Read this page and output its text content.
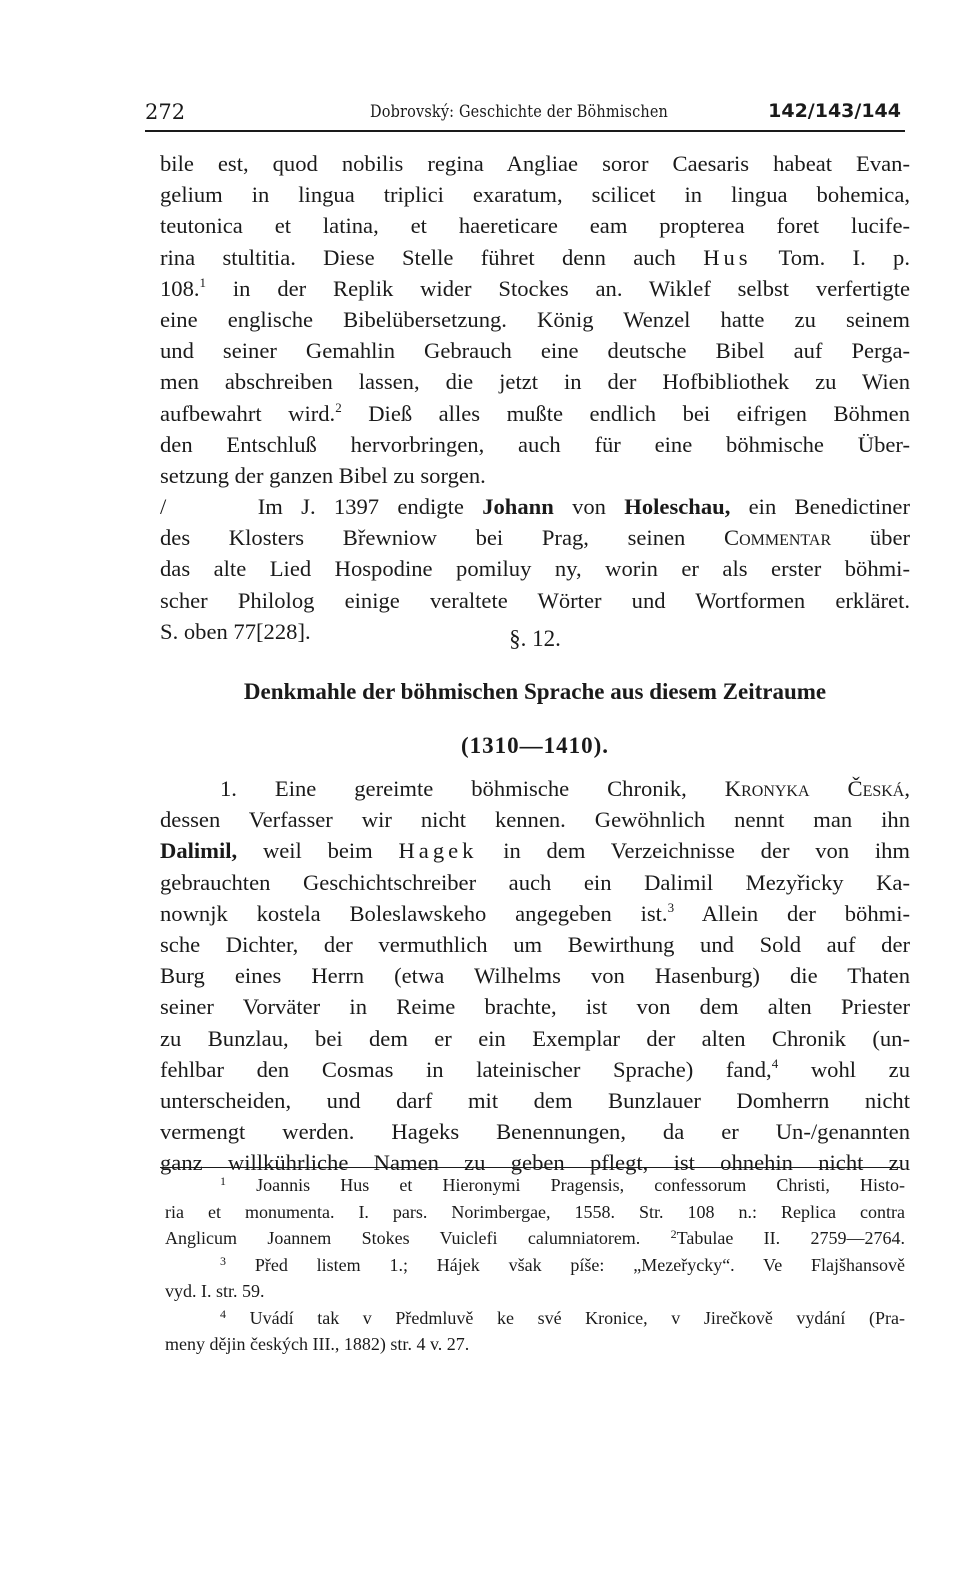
272	Dobrovský: Geschichte der Böhmischen	142/143/144
bile est, quod nobilis regina Angliae soror Caesaris habeat Evan-
gelium in lingua triplici exaratum, scilicet in lingua bohemica,
teutonica et latina, et haereticare eam propterea foret lucife-
rina stultitia. Diese Stelle führet denn auch Hus Tom. I. p.
108.$^1$ in der Replik wider Stockes an. Wiklef selbst verfertigte
eine englische Bibelübersetzung. König Wenzel hatte zu seinem
und seiner Gemahlin Gebrauch eine deutsche Bibel auf Perga-
men abschreiben lassen, die jetzt in der Hofbibliothek zu Wien
aufbewahrt wird.$^2$ Dieß alles mußte endlich bei eifrigen Böhmen
den Entschluß hervorbringen, auch für eine böhmische Über-
setzung der ganzen Bibel zu sorgen.
/	Im J. 1397 endigte Johann von Holeschau, ein Benedictiner
des Klosters Břewniow bei Prag, seinen Commentar über
das alte Lied Hospodine pomiluy ny, worin er als erster böhmi-
scher Philolog einige veraltete Wörter und Wortformen erkläret.
S. oben 77[228].	§. 12.
Denkmahle der böhmischen Sprache aus diesem Zeitraume
(1310—1410).
1. Eine gereimte böhmische Chronik, Kronyka Česká,
dessen Verfasser wir nicht kennen. Gewöhnlich nennt man ihn
Dalimil, weil beim Hagek in dem Verzeichnisse der von ihm
gebrauchten Geschichtschreiber auch ein Dalimil Mezyřicky Ka-
nownjk kostela Boleslawskeho angegeben ist.$^3$ Allein der böhmi-
sche Dichter, der vermuthlich um Bewirthung und Sold auf der
Burg eines Herrn (etwa Wilhelms von Hasenburg) die Thaten
seiner Vorväter in Reime brachte, ist von dem alten Priester
zu Bunzlau, bei dem er ein Exemplar der alten Chronik (un-
fehlbar den Cosmas in lateinischer Sprache) fand,$^4$ wohl zu
unterscheiden, und darf mit dem Bunzlauer Domherrn nicht
vermengt werden. Hageks Benennungen, da er Un-/genannten
ganz willkührliche Namen zu geben pflegt, ist ohnehin nicht zu
$^1$ Joannis Hus et Hieronymi Pragensis, confessorum Christi, Histo-
ria et monumenta. I. pars. Norimbergae, 1558. Str. 108 n.: Replica contra
Anglicum Joannem Stokes Vuiclefi calumniatorem.	$^2$Tabulae II. 2759—2764.
$^3$ Před listem 1.; Hájek však píše: „Mezeřycky“. Ve Flajšhansově
vyd. I. str. 59.
$^4$ Uvádí tak v Předmluvě ke své Kronice, v Jirečkově vydání (Pra-
meny dějin českých III., 1882) str. 4 v. 27.
